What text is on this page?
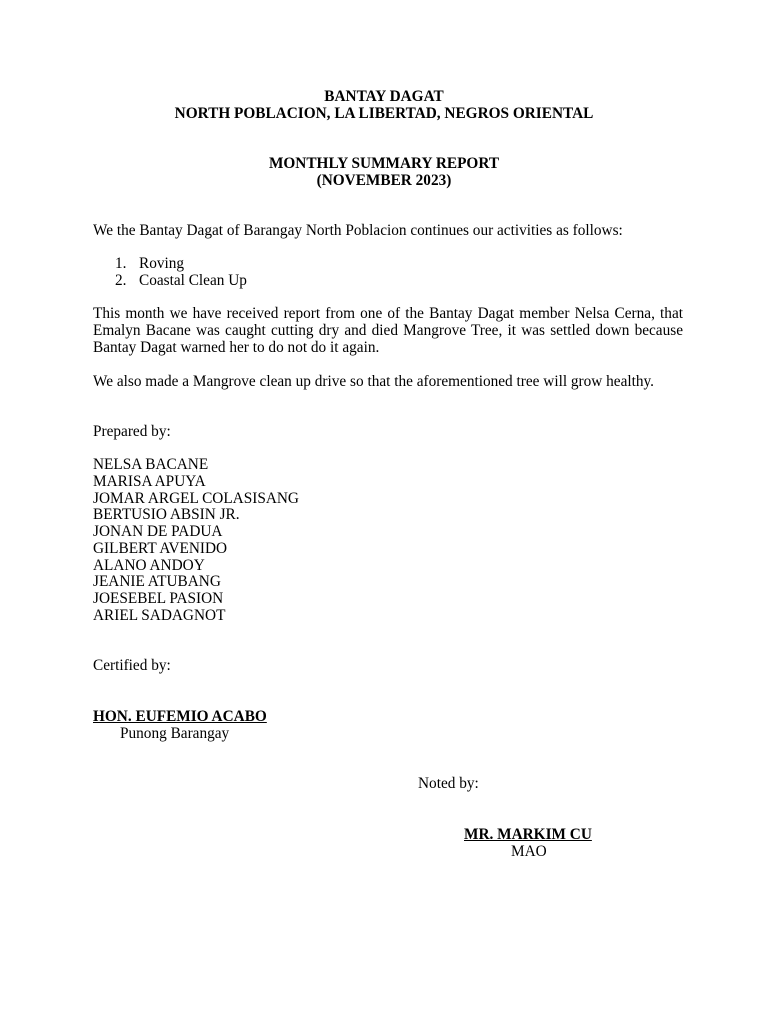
BANTAY DAGAT
NORTH POBLACION, LA LIBERTAD, NEGROS ORIENTAL
MONTHLY SUMMARY REPORT
(NOVEMBER 2023)
We the Bantay Dagat of Barangay North Poblacion continues our activities as follows:
1. Roving
2. Coastal Clean Up
This month we have received report from one of the Bantay Dagat member Nelsa Cerna, that Emalyn Bacane was caught cutting dry and died Mangrove Tree, it was settled down because Bantay Dagat warned her to do not do it again.
We also made a Mangrove clean up drive so that the aforementioned tree will grow healthy.
Prepared by:
NELSA BACANE
MARISA APUYA
JOMAR ARGEL COLASISANG
BERTUSIO ABSIN JR.
JONAN DE PADUA
GILBERT AVENIDO
ALANO ANDOY
JEANIE ATUBANG
JOESEBEL PASION
ARIEL SADAGNOT
Certified by:
HON. EUFEMIO ACABO
Punong Barangay
Noted by:
MR. MARKIM CU
MAO
